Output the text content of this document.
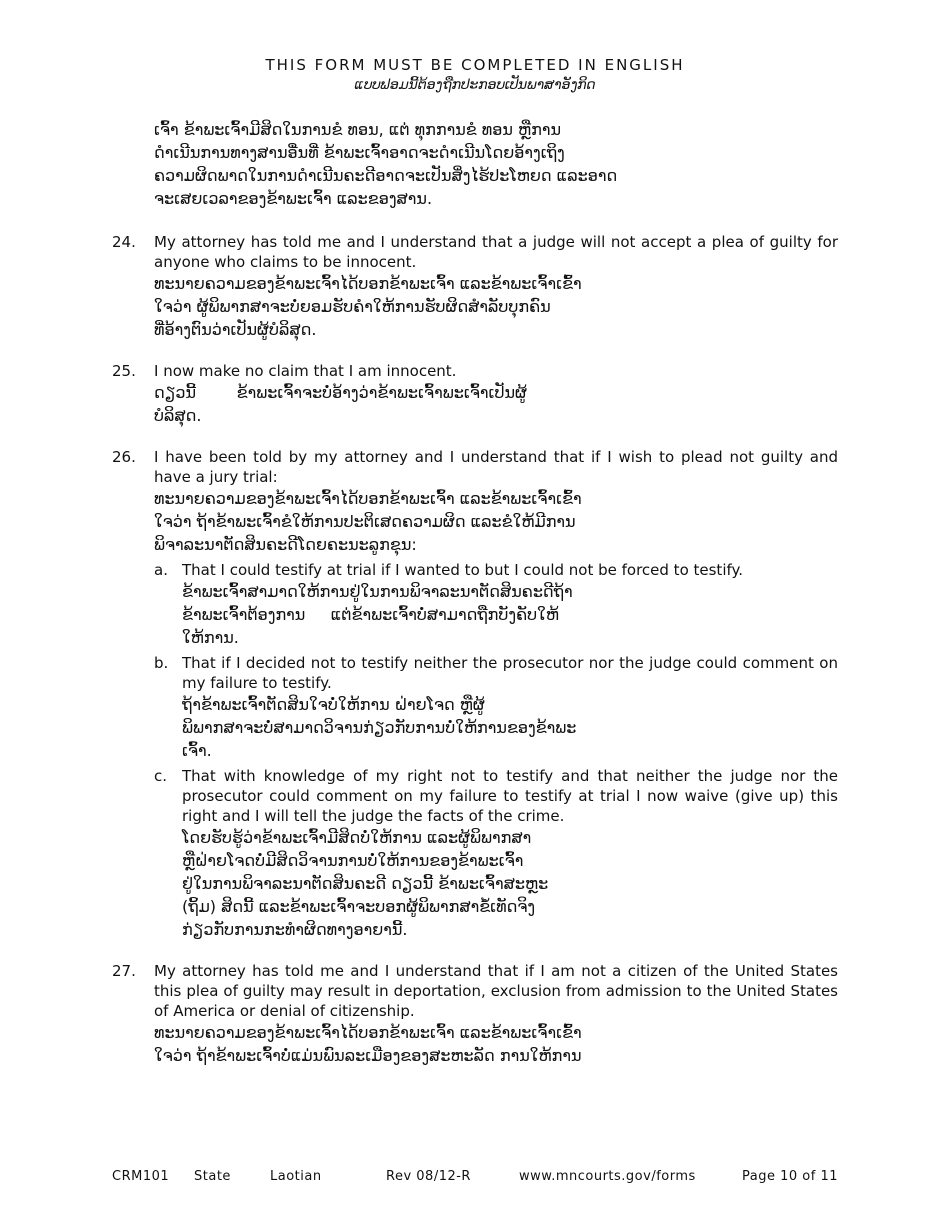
THIS FORM MUST BE COMPLETED IN ENGLISH
ແບບຟອມນີ້ຕ້ອງຖືກປະກອບເປັນພາສາອັງກິດ
ເຈົ້າ ຂ້າພະເຈົ້າມີສິດໃນການຂໍ ທອນ, ແຕ່ ທຸກການຂໍ ທອນ ຫຼືການ
ດຳເນີນການທາງສານອື່ນທີ່ ຂ້າພະເຈົ້າອາດຈະດຳເນີນໂດຍອ້າງເຖິງ
ຄວາມຜິດພາດໃນການດຳເນີນຄະດີອາດຈະເປັນສິ່ງໄຮ້ປະໂຫຍດ ແລະອາດ
ຈະເສຍເວລາຂອງຂ້າພະເຈົ້າ ແລະຂອງສານ.
24. My attorney has told me and I understand that a judge will not accept a plea of guilty for anyone who claims to be innocent.
ທະນາຍຄວາມຂອງຂ້າພະເຈົ້າໄດ້ບອກຂ້າພະເຈົ້າ ແລະຂ້າພະເຈົ້າເຂົ້າ
ໃຈວ່າ ຜູ້ພິພາກສາຈະບໍ່ຍອມຮັບຄຳໃຫ້ການຮັບຜິດສຳລັບບຸກຄົນ
ທີ່ອ້າງຕົນວ່າເປັນຜູ້ບໍລິສຸດ.
25. I now make no claim that I am innocent.
ດຽວນີ້        ຂ້າພະເຈົ້າຈະບໍ່ອ້າງວ່າຂ້າພະເຈົ້າພະເຈົ້າເປັນຜູ້
ບໍລິສຸດ.
26. I have been told by my attorney and I understand that if I wish to plead not guilty and have a jury trial:
ທະນາຍຄວາມຂອງຂ້າພະເຈົ້າໄດ້ບອກຂ້າພະເຈົ້າ ແລະຂ້າພະເຈົ້າເຂົ້າ
ໃຈວ່າ ຖ້າຂ້າພະເຈົ້າຂໍໃຫ້ການປະຕິເສດຄວາມຜິດ ແລະຂໍໃຫ້ມີການ
ພິຈາລະນາຕັດສິນຄະດີໂດຍຄະນະລູກຂຸນ:
a. That I could testify at trial if I wanted to but I could not be forced to testify.
ຂ້າພະເຈົ້າສາມາດໃຫ້ການຢູ່ໃນການພິຈາລະນາຕັດສິນຄະດີຖ້າ
ຂ້າພະເຈົ້າຕ້ອງການ     ແຕ່ຂ້າພະເຈົ້າບໍ່ສາມາດຖືກບັງຄັບໃຫ້
ໃຫ້ການ.
b. That if I decided not to testify neither the prosecutor nor the judge could comment on my failure to testify.
ຖ້າຂ້າພະເຈົ້າຕັດສິນໃຈບໍ່ໃຫ້ການ ຝ່າຍໂຈດ ຫຼືຜູ້
ພິພາກສາຈະບໍ່ສາມາດວິຈານກ່ຽວກັບການບໍ່ໃຫ້ການຂອງຂ້າພະ
ເຈົ້າ.
c. That with knowledge of my right not to testify and that neither the judge nor the prosecutor could comment on my failure to testify at trial I now waive (give up) this right and I will tell the judge the facts of the crime.
ໂດຍຮັບຮູ້ວ່າຂ້າພະເຈົ້າມີສິດບໍ່ໃຫ້ການ ແລະຜູ້ພິພາກສາ
ຫຼືຝ່າຍໂຈດບໍ່ມີສິດວິຈານການບໍ່ໃຫ້ການຂອງຂ້າພະເຈົ້າ
ຢູ່ໃນການພິຈາລະນາຕັດສິນຄະດີ ດຽວນີ້ ຂ້າພະເຈົ້າສະຫຼະ
(ຖິ້ມ) ສິດນີ້ ແລະຂ້າພະເຈົ້າຈະບອກຜູ້ພິພາກສາຂໍ້ເທັດຈິງ
ກ່ຽວກັບການກະທຳຜິດທາງອາຍານີ້.
27. My attorney has told me and I understand that if I am not a citizen of the United States this plea of guilty may result in deportation, exclusion from admission to the United States of America or denial of citizenship.
ທະນາຍຄວາມຂອງຂ້າພະເຈົ້າໄດ້ບອກຂ້າພະເຈົ້າ ແລະຂ້າພະເຈົ້າເຂົ້າ
ໃຈວ່າ ຖ້າຂ້າພະເຈົ້າບໍ່ແມ່ນພົນລະເມືອງຂອງສະຫະລັດ ການໃຫ້ການ
CRM101 State	Laotian	Rev 08/12-R	www.mncourts.gov/forms	Page 10 of 11
